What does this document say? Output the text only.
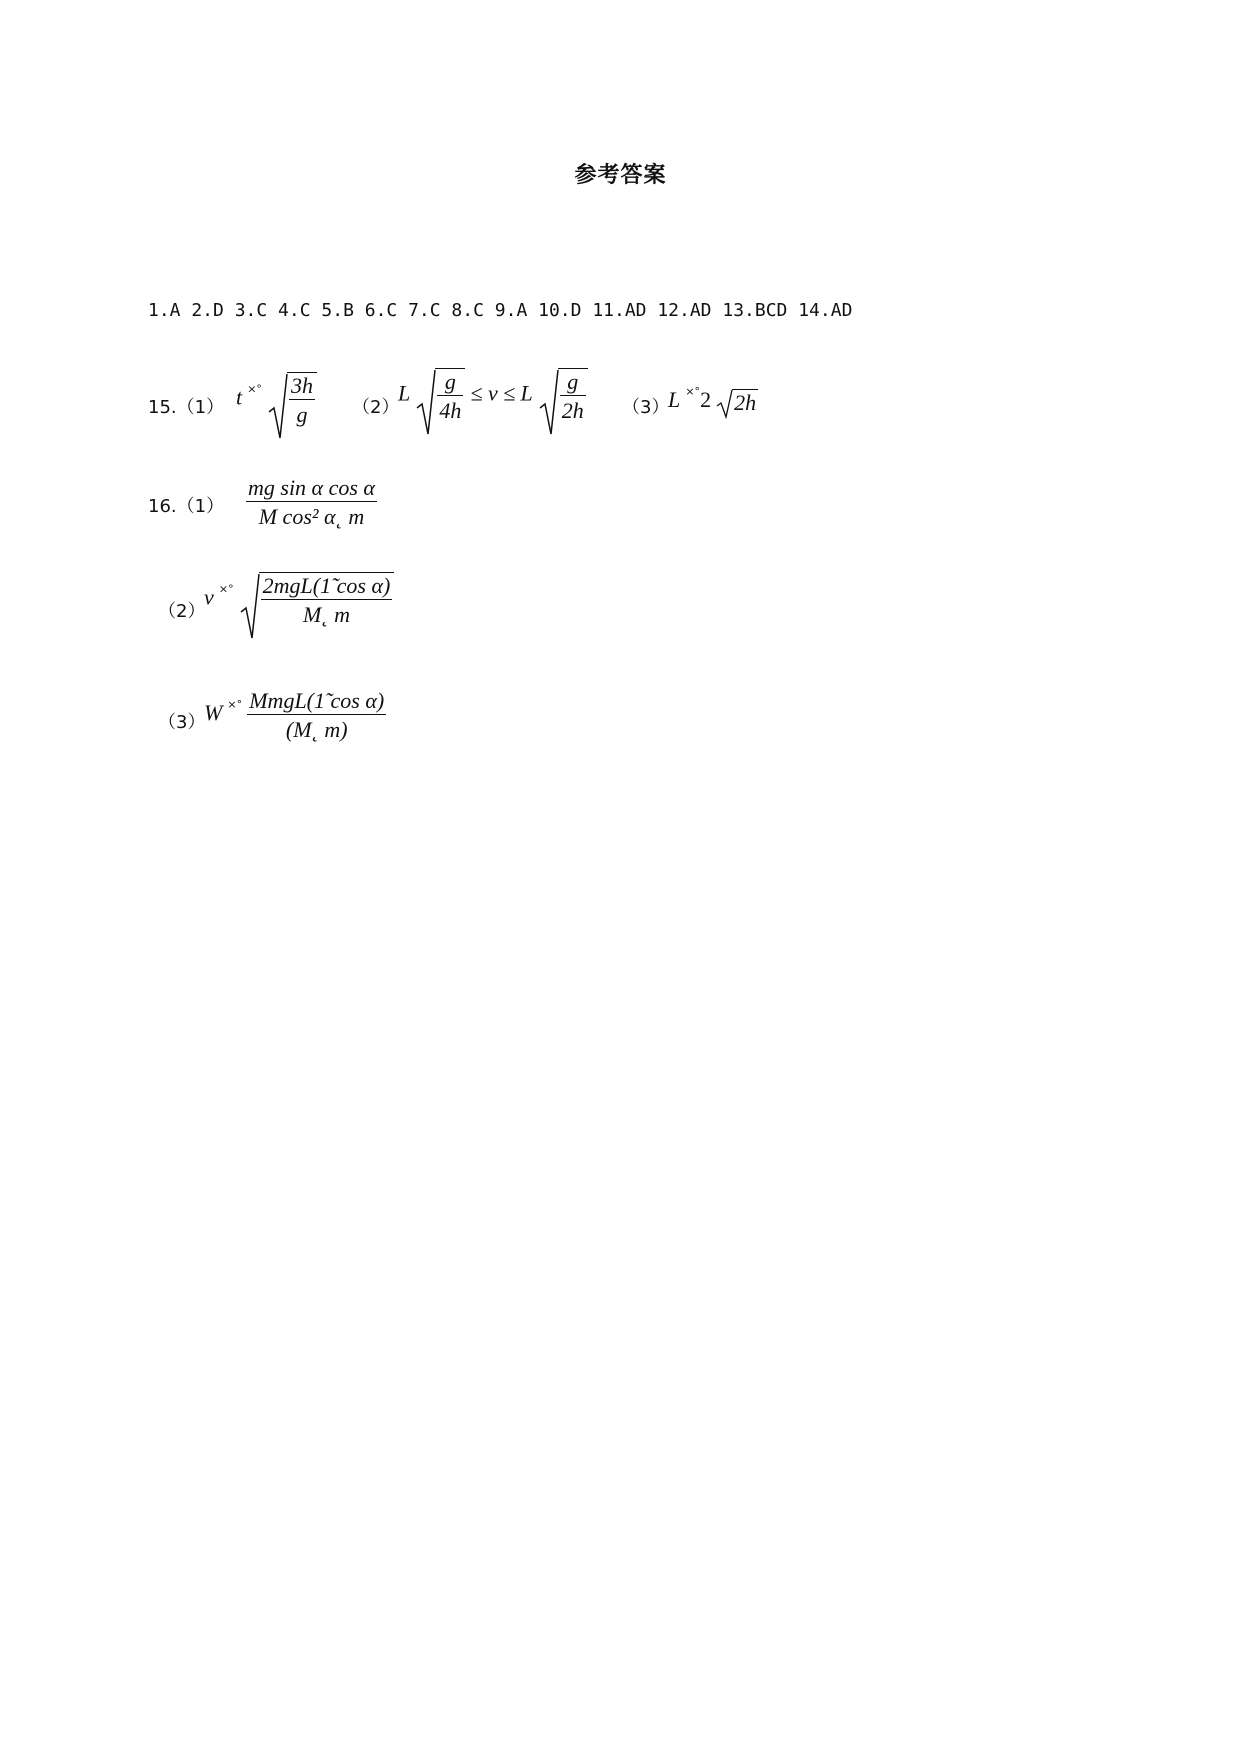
参考答案
1.A 2.D 3.C 4.C 5.B 6.C 7.C 8.C 9.A 10.D 11.AD 12.AD 13.BCD 14.AD
15.（1） t $^{\times^\circ} \frac{3h}{g} (2)$
L $\frac{g}{4h} \le v \le L \frac{g}{2h} (3)$
L ×°2 2h
$16.(1) \frac{\text{mg sin α cos α}}{\text{M cos² α˛ m}}$
（2）
v $^{\times^\circ} \frac{\text{2mgL(1̃ cos α)}}{M˛ m}$
（3）
W $^{\times^\circ} \frac{\text{MmgL(1̃ cos α)}}{(M˛ m)}$
